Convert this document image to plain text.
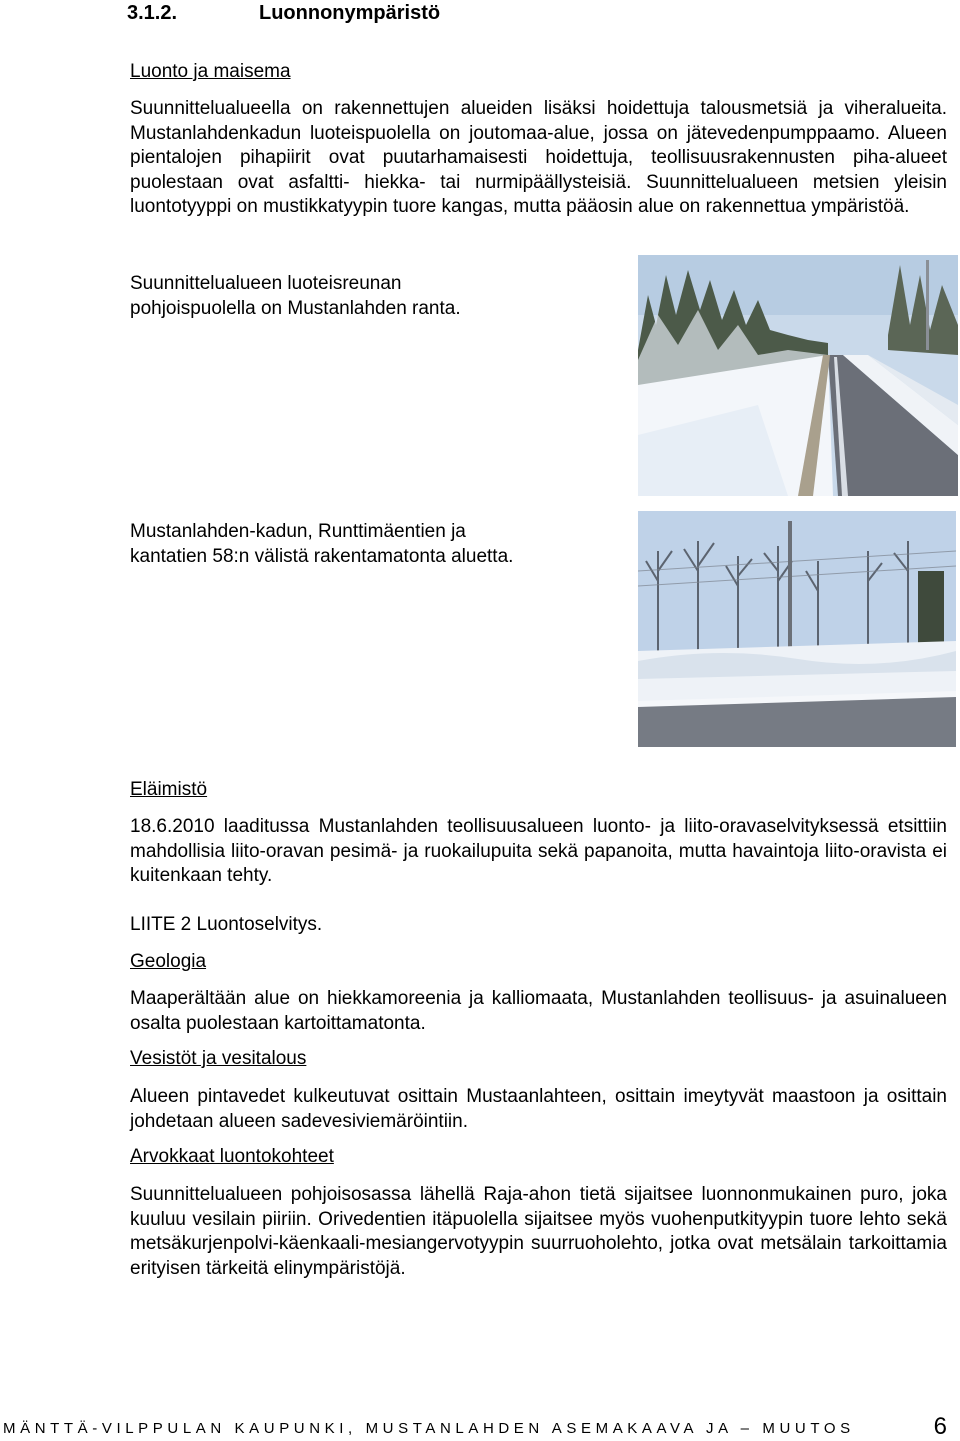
3.1.2.	Luonnonympäristö
Luonto ja maisema

Suunnittelualueella on rakennettujen alueiden lisäksi hoidettuja talousmetsiä ja viheralueita. Mustanlahdenkadun luoteispuolella on joutomaa-alue, jossa on jätevedenpumppaamo. Alueen pientalojen pihapiirit ovat puutarhamaisesti hoidettuja, teollisuusrakennusten piha-alueet puolestaan ovat asfaltti- hiekka- tai nurmipäällysteisiä. Suunnittelualueen metsien yleisin luontotyyppi on mustikkatyypin tuore kangas, mutta pääosin alue on rakennettua ympäristöä.

Suunnittelualueen luoteisreunan
pohjoispuolella on Mustanlahden ranta.

Mustanlahden-kadun, Runttimäentien ja
kantatien 58:n välistä rakentamatonta aluetta.

Eläimistö

18.6.2010 laaditussa Mustanlahden teollisuusalueen luonto- ja liito-oravaselvityksessä etsittiin mahdollisia liito-oravan pesimä- ja ruokailupuita sekä papanoita, mutta havaintoja liito-oravista ei kuitenkaan tehty.

LIITE 2 Luontoselvitys.

Geologia

Maaperältään alue on hiekkamoreenia ja kalliomaata, Mustanlahden teollisuus- ja asuinalueen osalta puolestaan kartoittamatonta.

Vesistöt ja vesitalous

Alueen pintavedet kulkeutuvat osittain Mustaanlahteen, osittain imeytyvät maastoon ja osittain johdetaan alueen sadevesiviemäröintiin.

Arvokkaat luontokohteet

Suunnittelualueen pohjoisosassa lähellä Raja-ahon tietä sijaitsee luonnonmukainen puro, joka kuuluu vesilain piiriin. Orivedentien itäpuolella sijaitsee myös vuohenputkityypin tuore lehto sekä metsäkurjenpolvi-käenkaali-mesiangervotyypin suurruoholehto, jotka ovat metsälain tarkoittamia erityisen tärkeitä elinympäristöjä.

MÄNTTÄ-VILPPULAN KAUPUNKI, MUSTANLAHDEN ASEMAKAAVA JA – MUUTOS	6
